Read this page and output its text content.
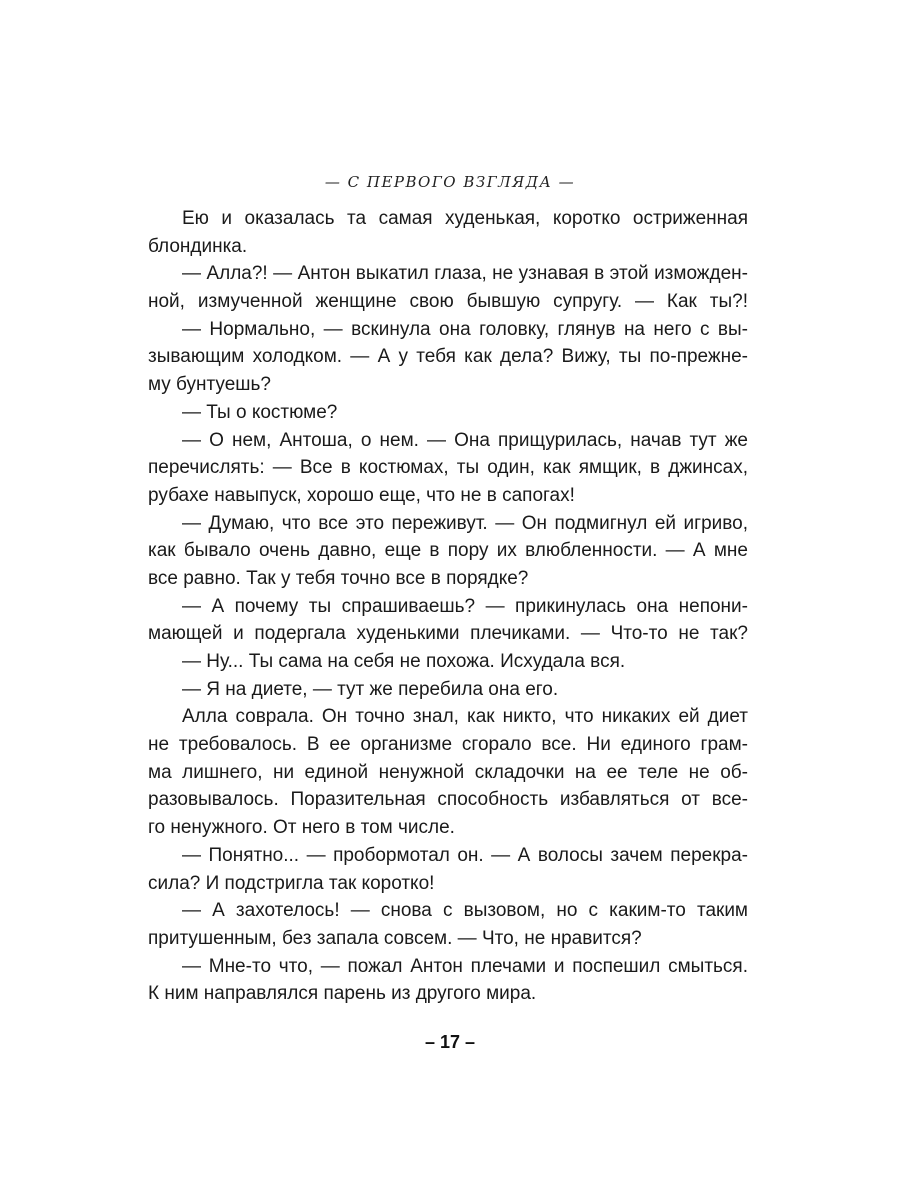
— С ПЕРВОГО ВЗГЛЯДА —
Ею и оказалась та самая худенькая, коротко остриженная
блондинка.
— Алла?! — Антон выкатил глаза, не узнавая в этой изможден-
ной, измученной женщине свою бывшую супругу. — Как ты?!
— Нормально, — вскинула она головку, глянув на него с вы-
зывающим холодком. — А у тебя как дела? Вижу, ты по-прежне-
му бунтуешь?
— Ты о костюме?
— О нем, Антоша, о нем. — Она прищурилась, начав тут же
перечислять: — Все в костюмах, ты один, как ямщик, в джинсах,
рубахе навыпуск, хорошо еще, что не в сапогах!
— Думаю, что все это переживут. — Он подмигнул ей игриво,
как бывало очень давно, еще в пору их влюбленности. — А мне
все равно. Так у тебя точно все в порядке?
— А почему ты спрашиваешь? — прикинулась она непони-
мающей и подергала худенькими плечиками. — Что-то не так?
— Ну... Ты сама на себя не похожа. Исхудала вся.
— Я на диете, — тут же перебила она его.
Алла соврала. Он точно знал, как никто, что никаких ей диет
не требовалось. В ее организме сгорало все. Ни единого грам-
ма лишнего, ни единой ненужной складочки на ее теле не об-
разовывалось. Поразительная способность избавляться от все-
го ненужного. От него в том числе.
— Понятно... — пробормотал он. — А волосы зачем перекра-
сила? И подстригла так коротко!
— А захотелось! — снова с вызовом, но с каким-то таким
притушенным, без запала совсем. — Что, не нравится?
— Мне-то что, — пожал Антон плечами и поспешил смыться.
К ним направлялся парень из другого мира.
– 17 –
